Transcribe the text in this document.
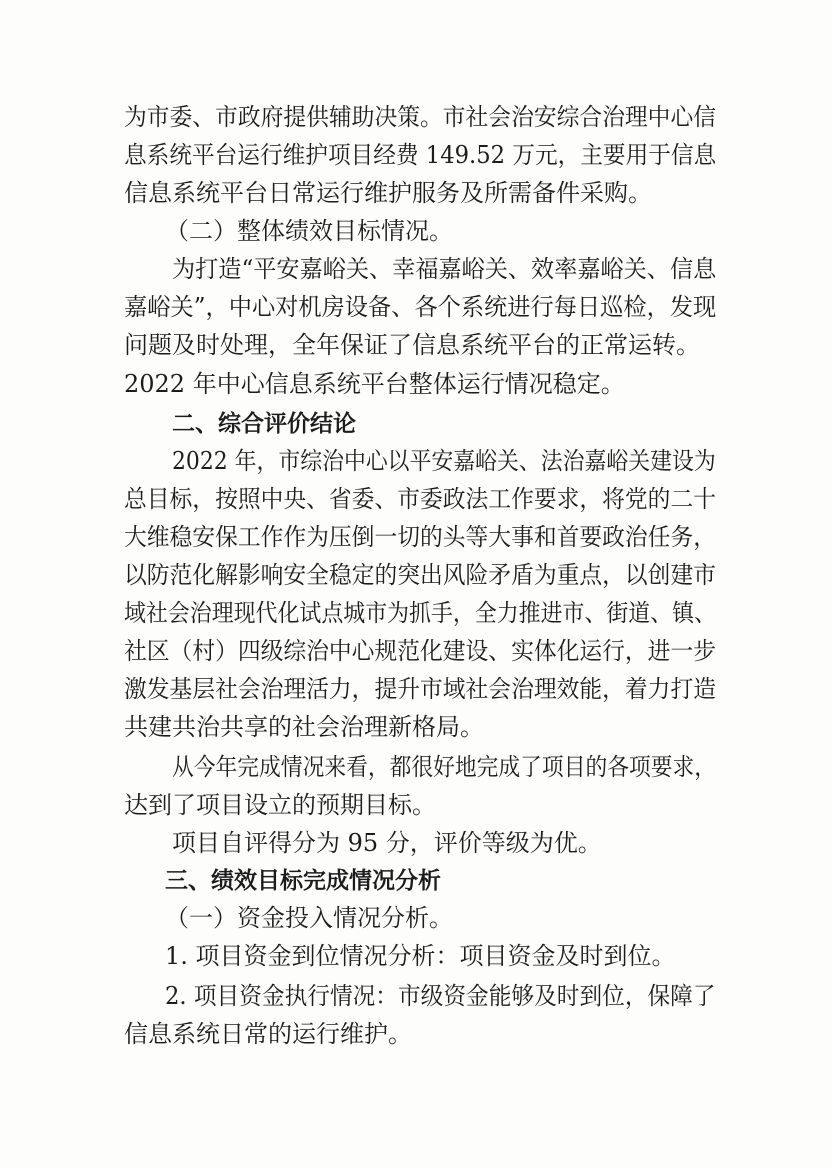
为市委、市政府提供辅助决策。市社会治安综合治理中心信
息系统平台运行维护项目经费 149.52 万元，主要用于信息
信息系统平台日常运行维护服务及所需备件采购。
（二）整体绩效目标情况。
为打造“平安嘉峪关、幸福嘉峪关、效率嘉峪关、信息
嘉峪关”，中心对机房设备、各个系统进行每日巡检，发现
问题及时处理，全年保证了信息系统平台的正常运转。
2022 年中心信息系统平台整体运行情况稳定。
二、综合评价结论
2022 年，市综治中心以平安嘉峪关、法治嘉峪关建设为
总目标，按照中央、省委、市委政法工作要求，将党的二十
大维稳安保工作作为压倒一切的头等大事和首要政治任务，
以防范化解影响安全稳定的突出风险矛盾为重点，以创建市
域社会治理现代化试点城市为抓手，全力推进市、街道、镇、
社区（村）四级综治中心规范化建设、实体化运行，进一步
激发基层社会治理活力，提升市域社会治理效能，着力打造
共建共治共享的社会治理新格局。
从今年完成情况来看，都很好地完成了项目的各项要求，
达到了项目设立的预期目标。
项目自评得分为 95 分，评价等级为优。
三、绩效目标完成情况分析
（一）资金投入情况分析。
1. 项目资金到位情况分析：项目资金及时到位。
2. 项目资金执行情况：市级资金能够及时到位，保障了
信息系统日常的运行维护。
